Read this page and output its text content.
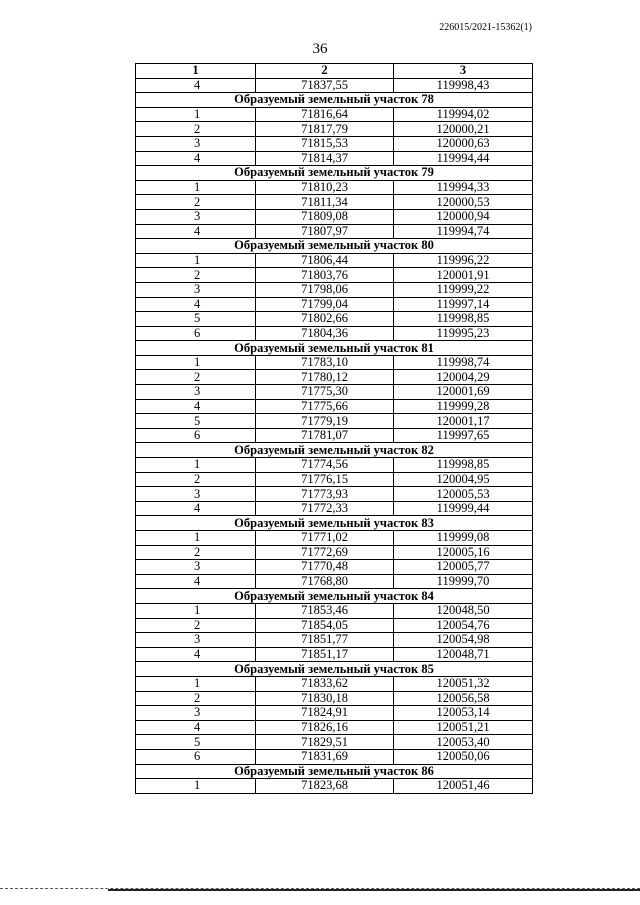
226015/2021-15362(1)
36
1	2	3
4	71837,55	119998,43
Образуемый земельный участок 78		
1	71816,64	119994,02
2	71817,79	120000,21
3	71815,53	120000,63
4	71814,37	119994,44
Образуемый земельный участок 79		
1	71810,23	119994,33
2	71811,34	120000,53
3	71809,08	120000,94
4	71807,97	119994,74
Образуемый земельный участок 80		
1	71806,44	119996,22
2	71803,76	120001,91
3	71798,06	119999,22
4	71799,04	119997,14
5	71802,66	119998,85
6	71804,36	119995,23
Образуемый земельный участок 81		
1	71783,10	119998,74
2	71780,12	120004,29
3	71775,30	120001,69
4	71775,66	119999,28
5	71779,19	120001,17
6	71781,07	119997,65
Образуемый земельный участок 82		
1	71774,56	119998,85
2	71776,15	120004,95
3	71773,93	120005,53
4	71772,33	119999,44
Образуемый земельный участок 83		
1	71771,02	119999,08
2	71772,69	120005,16
3	71770,48	120005,77
4	71768,80	119999,70
Образуемый земельный участок 84		
1	71853,46	120048,50
2	71854,05	120054,76
3	71851,77	120054,98
4	71851,17	120048,71
Образуемый земельный участок 85		
1	71833,62	120051,32
2	71830,18	120056,58
3	71824,91	120053,14
4	71826,16	120051,21
5	71829,51	120053,40
6	71831,69	120050,06
Образуемый земельный участок 86		
1	71823,68	120051,46
